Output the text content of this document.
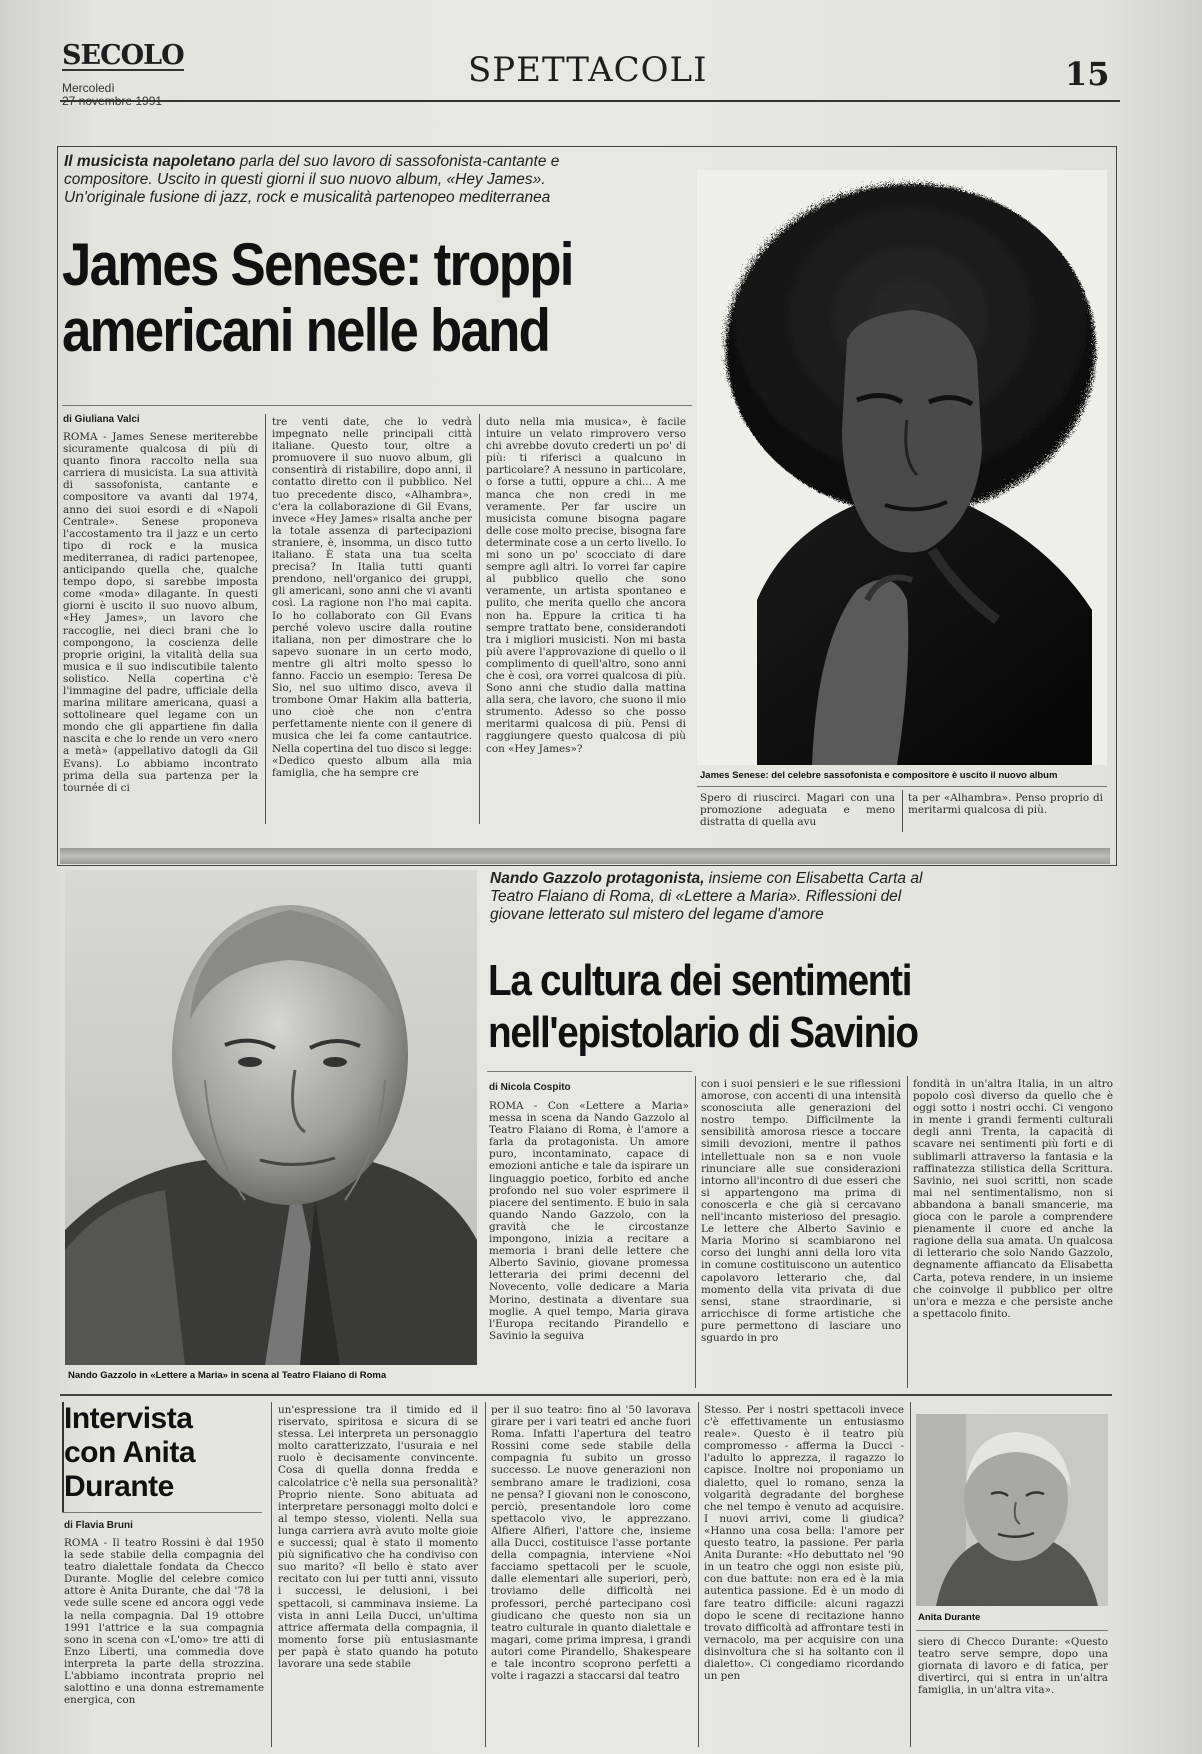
SECOLO
Mercoledì	SPETTACOLI	15
Il musicista napoletano parla del suo lavoro di sassofonista-cantante e compositore. Uscito in questi giorni il suo nuovo album, «Hey James». Un'originale fusione di jazz, rock e musicalità partenopeo mediterranea
James Senese: troppi
americani nelle band
di Giuliana Valci
ROMA - James Senese meriterebbe sicuramente qualcosa di più di quanto finora raccolto nella sua carriera di musicista. La sua attività di sassofonista, cantante e compositore va avanti dal 1974, anno dei suoi esordi e di «Napoli Centrale». Senese proponeva l'accostamento tra il jazz e un certo tipo di rock e la musica mediterranea, di radici partenopee, anticipando quella che, qualche tempo dopo, si sarebbe imposta come «moda» dilagante. In questi giorni è uscito il suo nuovo album, «Hey James», un lavoro che raccoglie, nei dieci brani che lo compongono, la coscienza delle proprie origini, la vitalità della sua musica e il suo indiscutibile talento solistico. Nella copertina c'è l'immagine del padre, ufficiale della marina militare americana, quasi a sottolineare quel legame con un mondo che gli appartiene fin dalla nascita e che lo rende un vero «nero a metà» (appellativo datogli da Gil Evans). Lo abbiamo incontrato prima della sua partenza per la tournée di ci
tre venti date, che lo vedrà impegnato nelle principali città italiane. Questo tour, oltre a promuovere il suo nuovo album, gli consentirà di ristabilire, dopo anni, il contatto diretto con il pubblico. Nel tuo precedente disco, «Alhambra», c'era la collaborazione di Gil Evans, invece «Hey James» risalta anche per la totale assenza di partecipazioni straniere, è, insomma, un disco tutto italiano. È stata una tua scelta precisa? In Italia tutti quanti prendono, nell'organico dei gruppi, gli americani, sono anni che vi avanti così. La ragione non l'ho mai capita. Io ho collaborato con Gil Evans perché volevo uscire dalla routine italiana, non per dimostrare che lo sapevo suonare in un certo modo, mentre gli altri molto spesso lo fanno. Faccio un esempio: Teresa De Sio, nel suo ultimo disco, aveva il trombone Omar Hakim alla batteria, uno cioè che non c'entra perfettamente niente con il genere di musica che lei fa come cantautrice. Nella copertina del tuo disco si legge: «Dedico questo album alla mia famiglia, che ha sempre cre
duto nella mia musica», è facile intuire un velato rimprovero verso chi avrebbe dovuto crederti un po' di più: ti riferisci a qualcuno in particolare? A nessuno in particolare, o forse a tutti, oppure a chi... A me manca che non credi in me veramente. Per far uscire un musicista comune bisogna pagare delle cose molto precise, bisogna fare determinate cose a un certo livello. Io mi sono un po' scocciato di dare sempre agli altri. Io vorrei far capire al pubblico quello che sono veramente, un artista spontaneo e pulito, che merita quello che ancora non ha. Eppure la critica ti ha sempre trattato bene, considerandoti tra i migliori musicisti. Non mi basta più avere l'approvazione di quello o il complimento di quell'altro, sono anni che è così, ora vorrei qualcosa di più. Sono anni che studio dalla mattina alla sera, che lavoro, che suono il mio strumento. Adesso so che posso meritarmi qualcosa di più. Pensi di raggiungere questo qualcosa di più con «Hey James»?
James Senese: del celebre sassofonista e compositore è uscito il nuovo album
Spero di riuscirci. Magari con una promozione adeguata e meno distratta di quella avu
ta per «Alhambra». Penso proprio di meritarmi qualcosa di più.
Nando Gazzolo in «Lettere a Maria» in scena al Teatro Flaiano di Roma
Nando Gazzolo protagonista, insieme con Elisabetta Carta al Teatro Flaiano di Roma, di «Lettere a Maria». Riflessioni del giovane letterato sul mistero del legame d'amore
La cultura dei sentimenti
nell'epistolario di Savinio
di Nicola Cospito
ROMA - Con «Lettere a Maria» messa in scena da Nando Gazzolo al Teatro Flaiano di Roma, è l'amore a farla da protagonista. Un amore puro, incontaminato, capace di emozioni antiche e tale da ispirare un linguaggio poetico, forbito ed anche profondo nel suo voler esprimere il piacere del sentimento. E buio in sala quando Nando Gazzolo, con la gravità che le circostanze impongono, inizia a recitare a memoria i brani delle lettere che Alberto Savinio, giovane promessa letteraria dei primi decenni del Novecento, volle dedicare a Maria Morino, destinata a diventare sua moglie. A quel tempo, Maria girava l'Europa recitando Pirandello e Savinio la seguiva
con i suoi pensieri e le sue riflessioni amorose, con accenti di una intensità sconosciuta alle generazioni del nostro tempo. Difficilmente la sensibilità amorosa riesce a toccare simili devozioni, mentre il pathos intellettuale non sa e non vuole rinunciare alle sue considerazioni intorno all'incontro di due esseri che si appartengono ma prima di conoscerla e che già si cercavano nell'incanto misterioso del presagio. Le lettere che Alberto Savinio e Maria Morino si scambiarono nel corso dei lunghi anni della loro vita in comune costituiscono un autentico capolavoro letterario che, dal momento della vita privata di due sensi, stane straordinarie, si arricchisce di forme artistiche che pure permettono di lasciare uno sguardo in pro
fondità in un'altra Italia, in un altro popolo così diverso da quello che è oggi sotto i nostri occhi. Ci vengono in mente i grandi fermenti culturali degli anni Trenta, la capacità di scavare nei sentimenti più forti e di sublimarli attraverso la fantasia e la raffinatezza stilistica della Scrittura. Savinio, nei suoi scritti, non scade mai nel sentimentalismo, non si abbandona a banali smancerie, ma gioca con le parole a comprendere pienamente il cuore ed anche la ragione della sua amata. Un qualcosa di letterario che solo Nando Gazzolo, degnamente affiancato da Elisabetta Carta, poteva rendere, in un insieme che coinvolge il pubblico per oltre un'ora e mezza e che persiste anche a spettacolo finito.
Intervista
con Anita
Durante
di Flavia Bruni
ROMA - Il teatro Rossini è dal 1950 la sede stabile della compagnia del teatro dialettale fondata da Checco Durante. Moglie del celebre comico attore è Anita Durante, che dal '78 la vede sulle scene ed ancora oggi vede la nella compagnia. Dal 19 ottobre 1991 l'attrice e la sua compagnia sono in scena con «L'omo» tre atti di Enzo Liberti, una commedia dove interpreta la parte della strozzina. L'abbiamo incontrata proprio nel salottino e una donna estremamente energica, con
un'espressione tra il timido ed il riservato, spiritosa e sicura di se stessa. Lei interpreta un personaggio molto caratterizzato, l'usuraia e nel ruolo è decisamente convincente. Cosa di quella donna fredda e calcolatrice c'è nella sua personalità? Proprio niente. Sono abituata ad interpretare personaggi molto dolci e al tempo stesso, violenti. Nella sua lunga carriera avrà avuto molte gioie e successi; qual è stato il momento più significativo che ha condiviso con suo marito? «Il bello è stato aver recitato con lui per tutti anni, vissuto i successi, le delusioni, i bei spettacoli, si camminava insieme. La vista in anni Leila Ducci, un'ultima attrice affermata della compagnia, il momento forse più entusiasmante per papà è stato quando ha potuto lavorare una sede stabile
per il suo teatro: fino al '50 lavorava girare per i vari teatri ed anche fuori Roma. Infatti l'apertura del teatro Rossini come sede stabile della compagnia fu subito un grosso successo. Le nuove generazioni non sembrano amare le tradizioni, cosa ne pensa? I giovani non le conoscono, perciò, presentandole loro come spettacolo vivo, le apprezzano. Alfiere Alfieri, l'attore che, insieme alla Ducci, costituisce l'asse portante della compagnia, interviene «Noi facciamo spettacoli per le scuole, dalle elementari alle superiori, però, troviamo delle difficoltà nei professori, perché partecipano così giudicano che questo non sia un teatro culturale in quanto dialettale e magari, come prima impresa, i grandi autori come Pirandello, Shakespeare e tale incontro scoprono perfetti a volte i ragazzi a staccarsi dal teatro
Stesso. Per i nostri spettacoli invece c'è effettivamente un entusiasmo reale». Questo è il teatro più compromesso - afferma la Ducci - l'adulto lo apprezza, il ragazzo lo capisce. Inoltre noi proponiamo un dialetto, quel lo romano, senza la volgarità degradante del borghese che nel tempo è venuto ad acquisire. I nuovi arrivi, come li giudica? «Hanno una cosa bella: l'amore per questo teatro, la passione. Per parla Anita Durante: «Ho debuttato nel '90 in un teatro che oggi non esiste più, con due battute: non era ed è la mia autentica passione. Ed è un modo di fare teatro difficile: alcuni ragazzi dopo le scene di recitazione hanno trovato difficoltà ad affrontare testi in vernacolo, ma per acquisire con una disinvoltura che si ha soltanto con il dialetto». Ci congediamo ricordando un pen
Anita Durante
siero di Checco Durante: «Questo teatro serve sempre, dopo una giornata di lavoro e di fatica, per divertirci, qui si entra in un'altra famiglia, in un'altra vita».
